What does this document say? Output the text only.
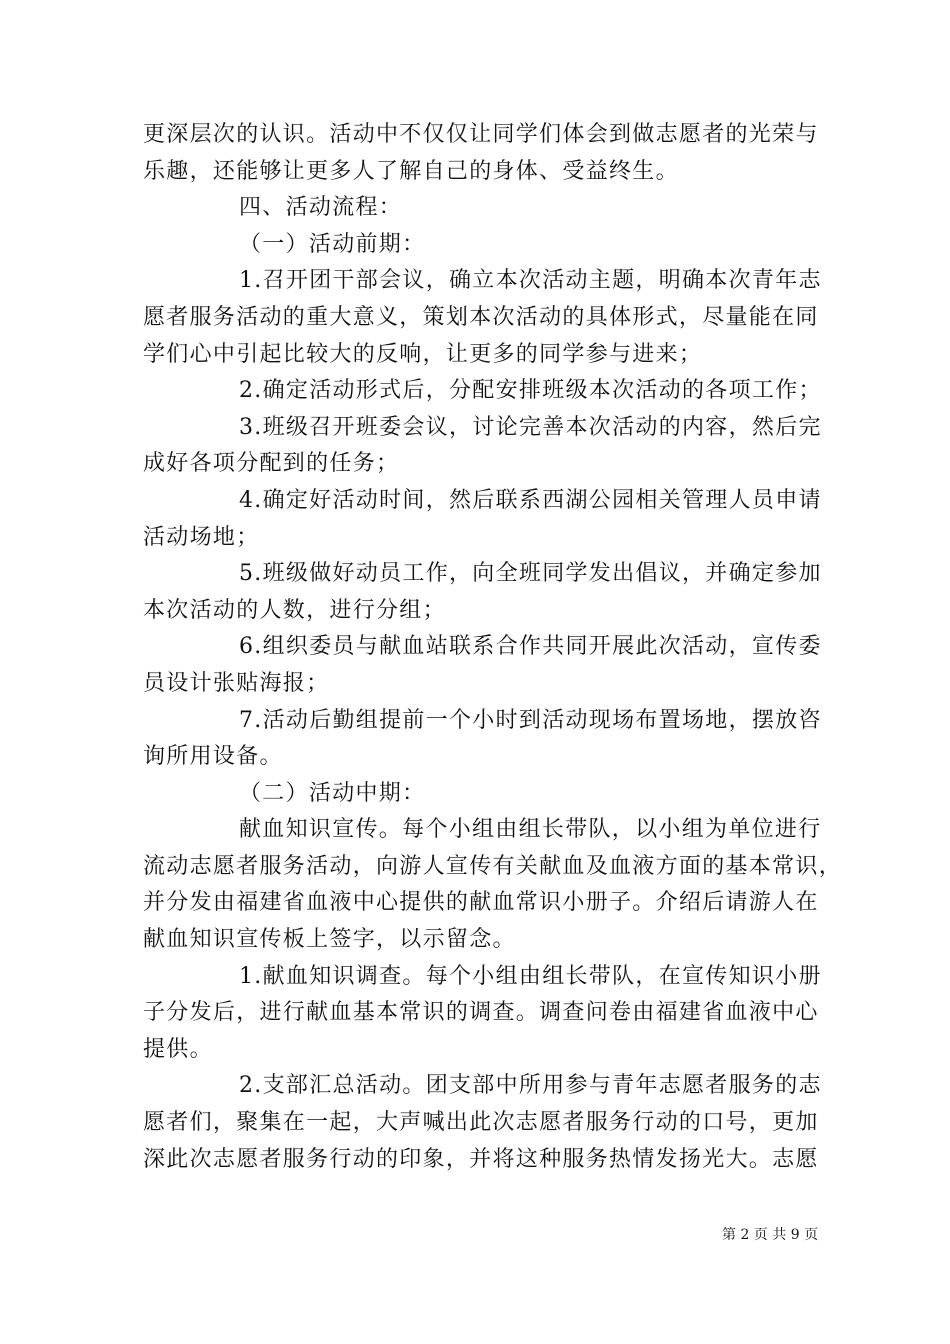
更深层次的认识。活动中不仅仅让同学们体会到做志愿者的光荣与
乐趣，还能够让更多人了解自己的身体、受益终生。
四、活动流程：
（一）活动前期：
1.召开团干部会议，确立本次活动主题，明确本次青年志
愿者服务活动的重大意义，策划本次活动的具体形式，尽量能在同
学们心中引起比较大的反响，让更多的同学参与进来；
2.确定活动形式后，分配安排班级本次活动的各项工作；
3.班级召开班委会议，讨论完善本次活动的内容，然后完
成好各项分配到的任务；
4.确定好活动时间，然后联系西湖公园相关管理人员申请
活动场地；
5.班级做好动员工作，向全班同学发出倡议，并确定参加
本次活动的人数，进行分组；
6.组织委员与献血站联系合作共同开展此次活动，宣传委
员设计张贴海报；
7.活动后勤组提前一个小时到活动现场布置场地，摆放咨
询所用设备。
（二）活动中期：
献血知识宣传。每个小组由组长带队，以小组为单位进行
流动志愿者服务活动，向游人宣传有关献血及血液方面的基本常识，
并分发由福建省血液中心提供的献血常识小册子。介绍后请游人在
献血知识宣传板上签字，以示留念。
1.献血知识调查。每个小组由组长带队，在宣传知识小册
子分发后，进行献血基本常识的调查。调查问卷由福建省血液中心
提供。
2.支部汇总活动。团支部中所用参与青年志愿者服务的志
愿者们，聚集在一起，大声喊出此次志愿者服务行动的口号，更加
深此次志愿者服务行动的印象，并将这种服务热情发扬光大。志愿
第 2 页 共 9 页
